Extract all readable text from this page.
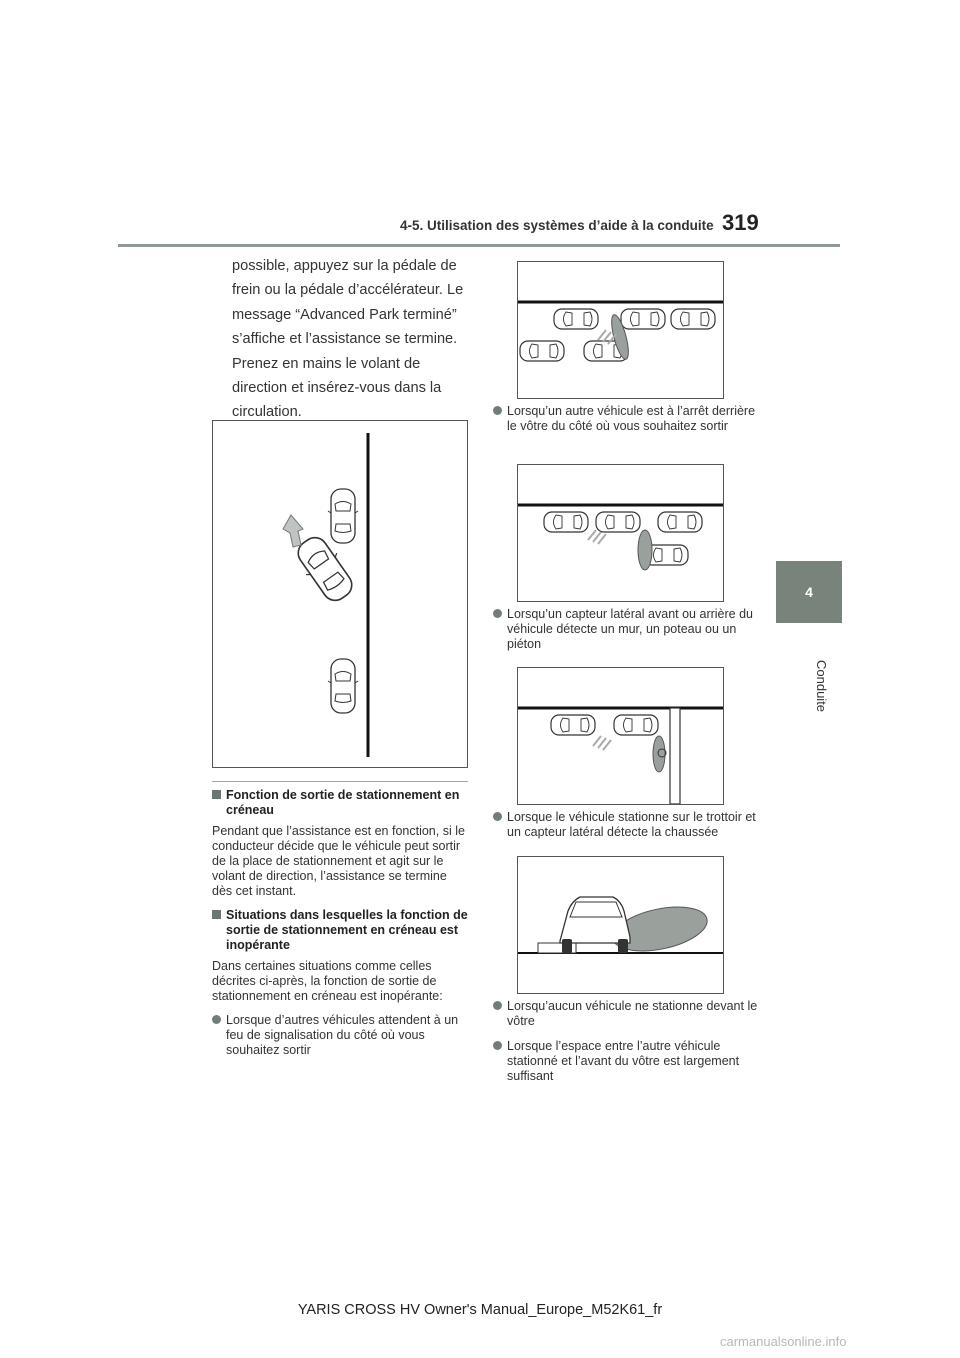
4-5. Utilisation des systèmes d’aide à la conduite 319
4
Conduite

possible, appuyez sur la pédale de frein ou la pédale d’accélérateur. Le message “Advanced Park terminé” s’affiche et l’assistance se termine. Prenez en mains le volant de direction et insérez-vous dans la circulation.

Fonction de sortie de stationnement en créneau

Pendant que l’assistance est en fonction, si le conducteur décide que le véhicule peut sortir de la place de stationnement et agit sur le volant de direction, l’assistance se termine dès cet instant.

Situations dans lesquelles la fonction de sortie de stationnement en créneau est inopérante

Dans certaines situations comme celles décrites ci-après, la fonction de sortie de stationnement en créneau est inopérante:

Lorsque d’autres véhicules attendent à un feu de signalisation du côté où vous souhaitez sortir

Lorsqu’un autre véhicule est à l’arrêt derrière le vôtre du côté où vous souhaitez sortir

Lorsqu’un capteur latéral avant ou arrière du véhicule détecte un mur, un poteau ou un piéton

Lorsque le véhicule stationne sur le trottoir et un capteur latéral détecte la chaussée

Lorsqu’aucun véhicule ne stationne devant le vôtre

Lorsque l’espace entre l’autre véhicule stationné et l’avant du vôtre est largement suffisant

YARIS CROSS HV Owner's Manual_Europe_M52K61_fr
carmanualsonline.info
